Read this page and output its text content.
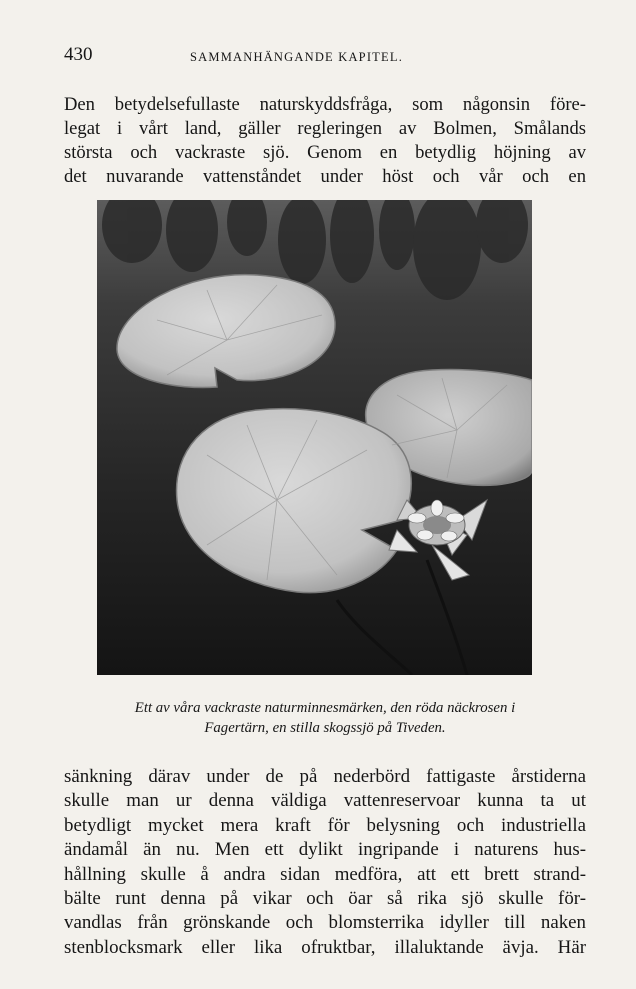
430	SAMMANHÄNGANDE KAPITEL.
Den betydelsefullaste naturskyddsfråga, som någonsin före-
legat i vårt land, gäller regleringen av Bolmen, Smålands
största och vackraste sjö. Genom en betydlig höjning av
det nuvarande vattenståndet under höst och vår och en
Ett av våra vackraste naturminnesmärken, den röda näckrosen i
Fagertärn, en stilla skogssjö på Tiveden.
sänkning därav under de på nederbörd fattigaste årstiderna
skulle man ur denna väldiga vattenreservoar kunna ta ut
betydligt mycket mera kraft för belysning och industriella
ändamål än nu. Men ett dylikt ingripande i naturens hus-
hållning skulle å andra sidan medföra, att ett brett strand-
bälte runt denna på vikar och öar så rika sjö skulle för-
vandlas från grönskande och blomsterrika idyller till naken
stenblocksmark eller lika ofruktbar, illaluktande ävja. Här
